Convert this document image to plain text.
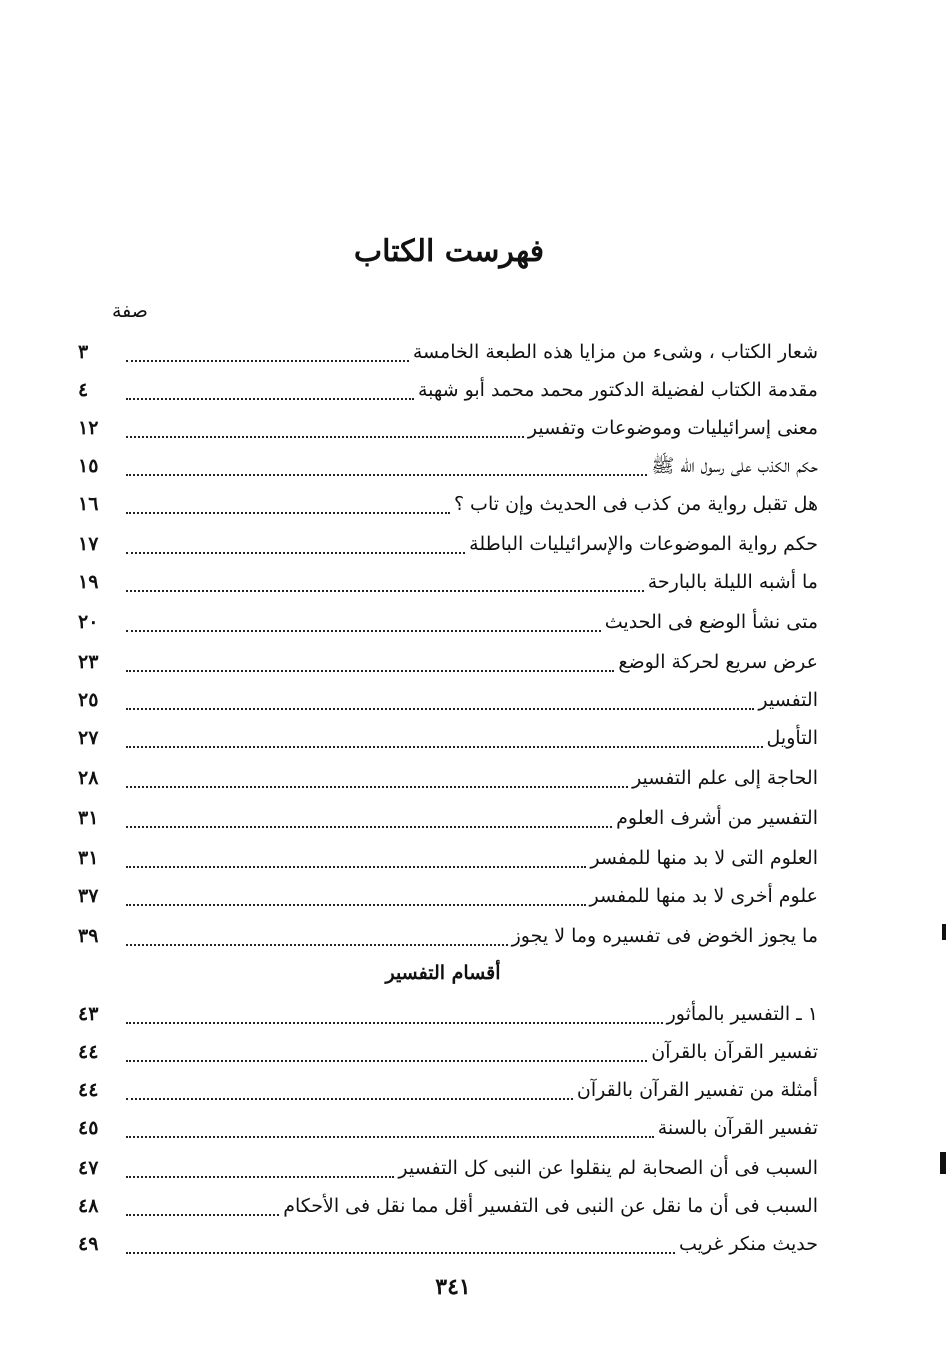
فهرست الكتاب
صفة
شعار الكتاب ، وشىء من مزايا هذه الطبعة الخامسة
٣
مقدمة الكتاب لفضيلة الدكتور محمد محمد أبو شهبة
٤
معنى إسرائيليات وموضوعات وتفسير
١٢
حكم الكذب على رسول الله ﷺ
١٥
هل تقبل رواية من كذب فى الحديث وإن تاب ؟
١٦
حكم رواية الموضوعات والإسرائيليات الباطلة
١٧
ما أشبه الليلة بالبارحة
١٩
متى نشأ الوضع فى الحديث
٢٠
عرض سريع لحركة الوضع
٢٣
التفسير
٢٥
التأويل
٢٧
الحاجة إلى علم التفسير
٢٨
التفسير من أشرف العلوم
٣١
العلوم التى لا بد منها للمفسر
٣١
علوم أخرى لا بد منها للمفسر
٣٧
ما يجوز الخوض فى تفسيره وما لا يجوز
٣٩
أقسام التفسير
١ ـ التفسير بالمأثور
٤٣
تفسير القرآن بالقرآن
٤٤
أمثلة من تفسير القرآن بالقرآن
٤٤
تفسير القرآن بالسنة
٤٥
السبب فى أن الصحابة لم ينقلوا عن النبى كل التفسير
٤٧
السبب فى أن ما نقل عن النبى فى التفسير أقل مما نقل فى الأحكام
٤٨
حديث منكر غريب
٤٩
٣٤١
